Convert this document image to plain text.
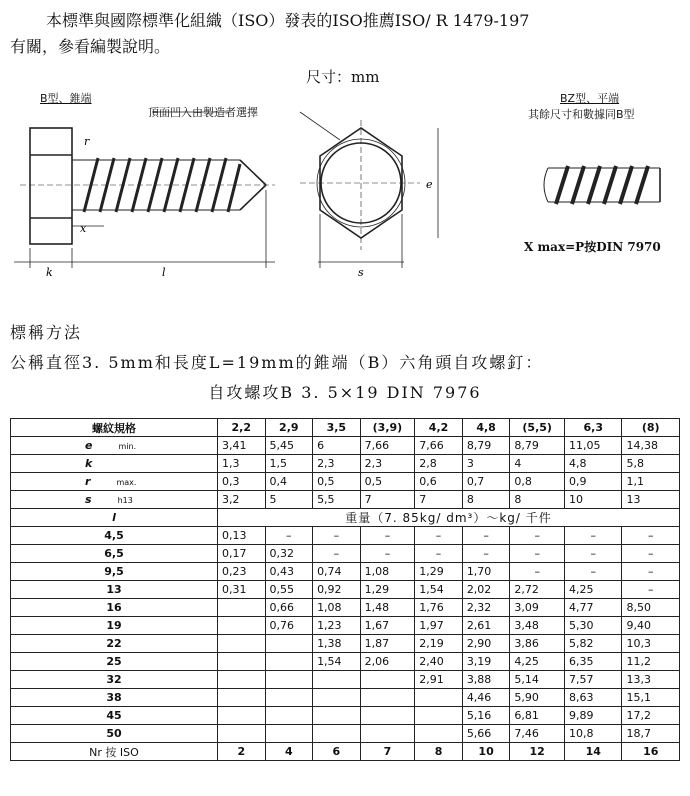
本標準與國際標準化組織（ISO）發表的ISO推薦ISO/ R 1479-197
有關，參看編製說明。
尺寸：mm
B型、錐端
頂面凹入由製造者選擇
BZ型、平端
其餘尺寸和數據同B型
X max=P按DIN 7970
r
x
k	l	s
e
標稱方法
公稱直徑3. 5mm和長度L=19mm的錐端（B）六角頭自攻螺釘：
自攻螺攻B 3. 5×19 DIN 7976
螺紋規格	2,2	2,9	3,5	(3,9)	4,2	4,8	(5,5)	6,3	(8)
e min.	3,41	5,45	6	7,66	7,66	8,79	8,79	11,05	14,38
k	1,3	1,5	2,3	2,3	2,8	3	4	4,8	5,8
r max.	0,3	0,4	0,5	0,5	0,6	0,7	0,8	0,9	1,1
s h13	3,2	5	5,5	7	7	8	8	10	13
l	重量（7. 85kg/ dm³）～kg/ 千件								
4,5	0,13	–	–	–	–	–	–	–	–
6,5	0,17	0,32	–	–	–	–	–	–	–
9,5	0,23	0,43	0,74	1,08	1,29	1,70	–	–	–
13	0,31	0,55	0,92	1,29	1,54	2,02	2,72	4,25	–
16		0,66	1,08	1,48	1,76	2,32	3,09	4,77	8,50
19		0,76	1,23	1,67	1,97	2,61	3,48	5,30	9,40
22			1,38	1,87	2,19	2,90	3,86	5,82	10,3
25			1,54	2,06	2,40	3,19	4,25	6,35	11,2
32					2,91	3,88	5,14	7,57	13,3
38						4,46	5,90	8,63	15,1
45						5,16	6,81	9,89	17,2
50						5,66	7,46	10,8	18,7
Nr 按 ISO	2	4	6	7	8	10	12	14	16
